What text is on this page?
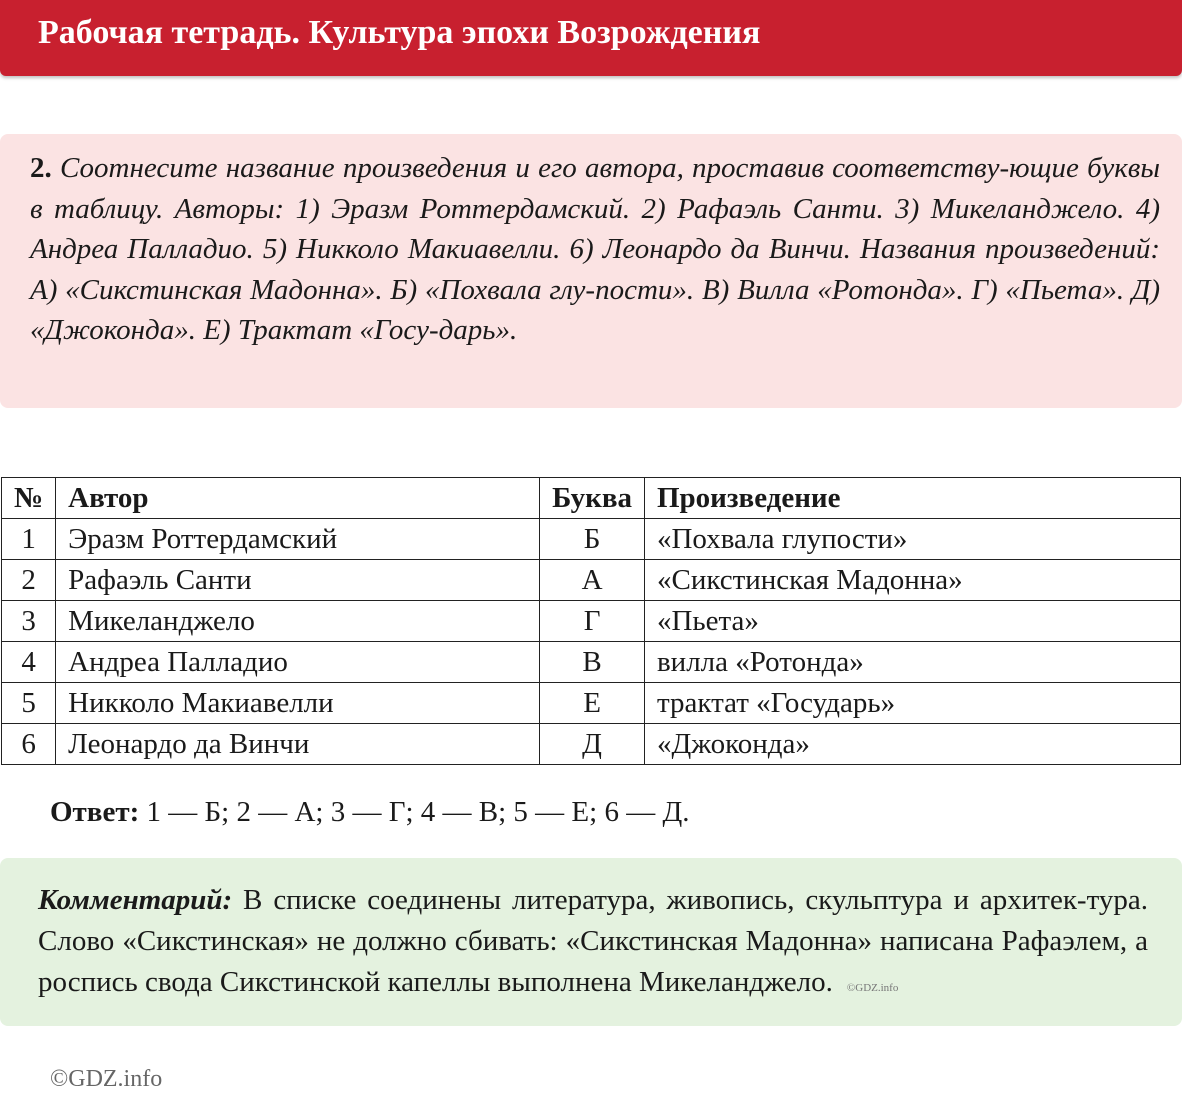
Рабочая тетрадь. Культура эпохи Возрождения
2. Соотнесите название произведения и его автора, проставив соответству-ющие буквы в таблицу. Авторы: 1) Эразм Роттердамский. 2) Рафаэль Санти. 3) Микеланджело. 4) Андреа Палладио. 5) Никколо Макиавелли. 6) Леонардо да Винчи. Названия произведений: А) «Сикстинская Мадонна». Б) «Похвала глу-пости». В) Вилла «Ротонда». Г) «Пьета». Д) «Джоконда». Е) Трактат «Госу-дарь».
№	Автор	Буква	Произведение
1	Эразм Роттердамский	Б	«Похвала глупости»
2	Рафаэль Санти	А	«Сикстинская Мадонна»
3	Микеланджело	Г	«Пьета»
4	Андреа Палладио	В	вилла «Ротонда»
5	Никколо Макиавелли	Е	трактат «Государь»
6	Леонардо да Винчи	Д	«Джоконда»
Ответ: 1 — Б; 2 — А; 3 — Г; 4 — В; 5 — Е; 6 — Д.
Комментарий: В списке соединены литература, живопись, скульптура и архитек-тура. Слово «Сикстинская» не должно сбивать: «Сикстинская Мадонна» написана Рафаэлем, а роспись свода Сикстинской капеллы выполнена Микеланджело. ©GDZ.info
©GDZ.info
